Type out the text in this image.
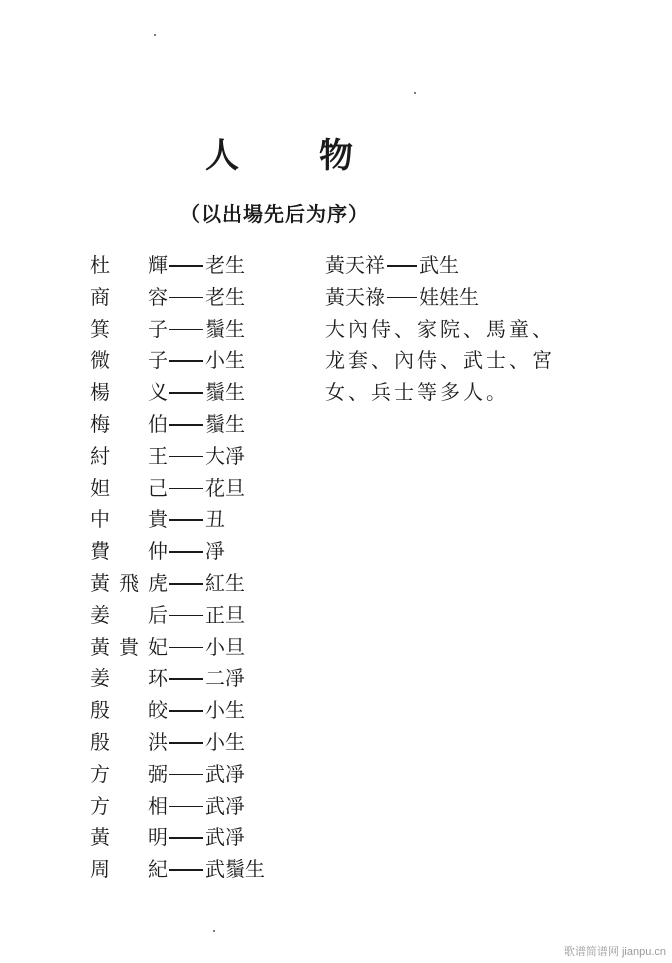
人 物
（以出場先后为序）
杜　輝 老生
商　容 老生
箕　子 鬚生
微　子 小生
楊　义 鬚生
梅　伯 鬚生
紂　王 大凈
妲　己 花旦
中　貴 丑
費　仲 凈
黃飛虎 紅生
姜　后 正旦
黃貴妃 小旦
姜　环 二凈
殷　皎 小生
殷　洪 小生
方　弼 武凈
方　相 武凈
黃　明 武凈
周　紀 武鬚生
黃天祥 武生
黃天祿 娃娃生
大內侍、家院、馬童、龙套、內侍、武士、宮女、兵士等多人。
歌谱简谱网 jianpu.cn
